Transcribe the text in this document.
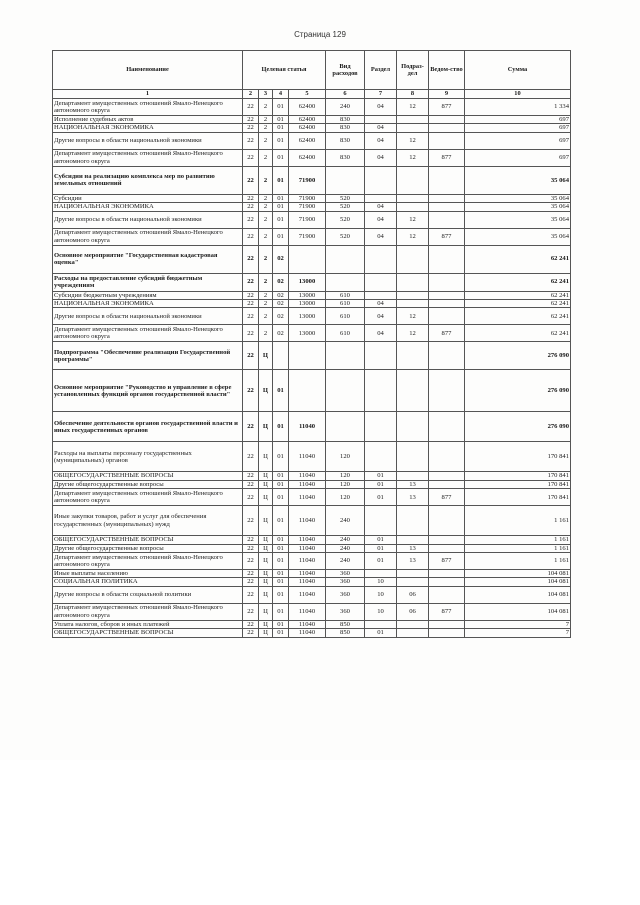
Страница 129
Наименование	Целевая статья				Вид расходов	Раздел	Подраз-дел	Ведом-ство	Сумма
1	2	3	4	5	6	7	8	9	10
Департамент имущественных отношений Ямало-Ненецкого автономного округа	22	2	01	62400	240	04	12	877	1 334
Исполнение судебных актов	22	2	01	62400	830				697
НАЦИОНАЛЬНАЯ ЭКОНОМИКА	22	2	01	62400	830	04			697
Другие вопросы в области национальной экономики	22	2	01	62400	830	04	12		697
Департамент имущественных отношений Ямало-Ненецкого автономного округа	22	2	01	62400	830	04	12	877	697
Субсидии на реализацию комплекса мер по развитию земельных отношений	22	2	01	71900					35 064
Субсидии	22	2	01	71900	520				35 064
НАЦИОНАЛЬНАЯ ЭКОНОМИКА	22	2	01	71900	520	04			35 064
Другие вопросы в области национальной экономики	22	2	01	71900	520	04	12		35 064
Департамент имущественных отношений Ямало-Ненецкого автономного округа	22	2	01	71900	520	04	12	877	35 064
Основное мероприятие "Государственная кадастровая оценка"	22	2	02						62 241
Расходы на предоставление субсидий бюджетным учреждениям	22	2	02	13000					62 241
Субсидии бюджетным учреждениям	22	2	02	13000	610				62 241
НАЦИОНАЛЬНАЯ ЭКОНОМИКА	22	2	02	13000	610	04			62 241
Другие вопросы в области национальной экономики	22	2	02	13000	610	04	12		62 241
Департамент имущественных отношений Ямало-Ненецкого автономного округа	22	2	02	13000	610	04	12	877	62 241
Подпрограмма "Обеспечение реализации Государственной программы"	22	Ц							276 090
Основное мероприятие "Руководство и управление в сфере установленных функций органов государственной власти"	22	Ц	01						276 090
Обеспечение деятельности органов государственной власти и иных государственных органов	22	Ц	01	11040					276 090
Расходы на выплаты персоналу государственных (муниципальных) органов	22	Ц	01	11040	120				170 841
ОБЩЕГОСУДАРСТВЕННЫЕ ВОПРОСЫ	22	Ц	01	11040	120	01			170 841
Другие общегосударственные вопросы	22	Ц	01	11040	120	01	13		170 841
Департамент имущественных отношений Ямало-Ненецкого автономного округа	22	Ц	01	11040	120	01	13	877	170 841
Иные закупки товаров, работ и услуг для обеспечения государственных (муниципальных) нужд	22	Ц	01	11040	240				1 161
ОБЩЕГОСУДАРСТВЕННЫЕ ВОПРОСЫ	22	Ц	01	11040	240	01			1 161
Другие общегосударственные вопросы	22	Ц	01	11040	240	01	13		1 161
Департамент имущественных отношений Ямало-Ненецкого автономного округа	22	Ц	01	11040	240	01	13	877	1 161
Иные выплаты населению	22	Ц	01	11040	360				104 081
СОЦИАЛЬНАЯ ПОЛИТИКА	22	Ц	01	11040	360	10			104 081
Другие вопросы в области социальной политики	22	Ц	01	11040	360	10	06		104 081
Департамент имущественных отношений Ямало-Ненецкого автономного округа	22	Ц	01	11040	360	10	06	877	104 081
Уплата налогов, сборов и иных платежей	22	Ц	01	11040	850				7
ОБЩЕГОСУДАРСТВЕННЫЕ ВОПРОСЫ	22	Ц	01	11040	850	01			7
